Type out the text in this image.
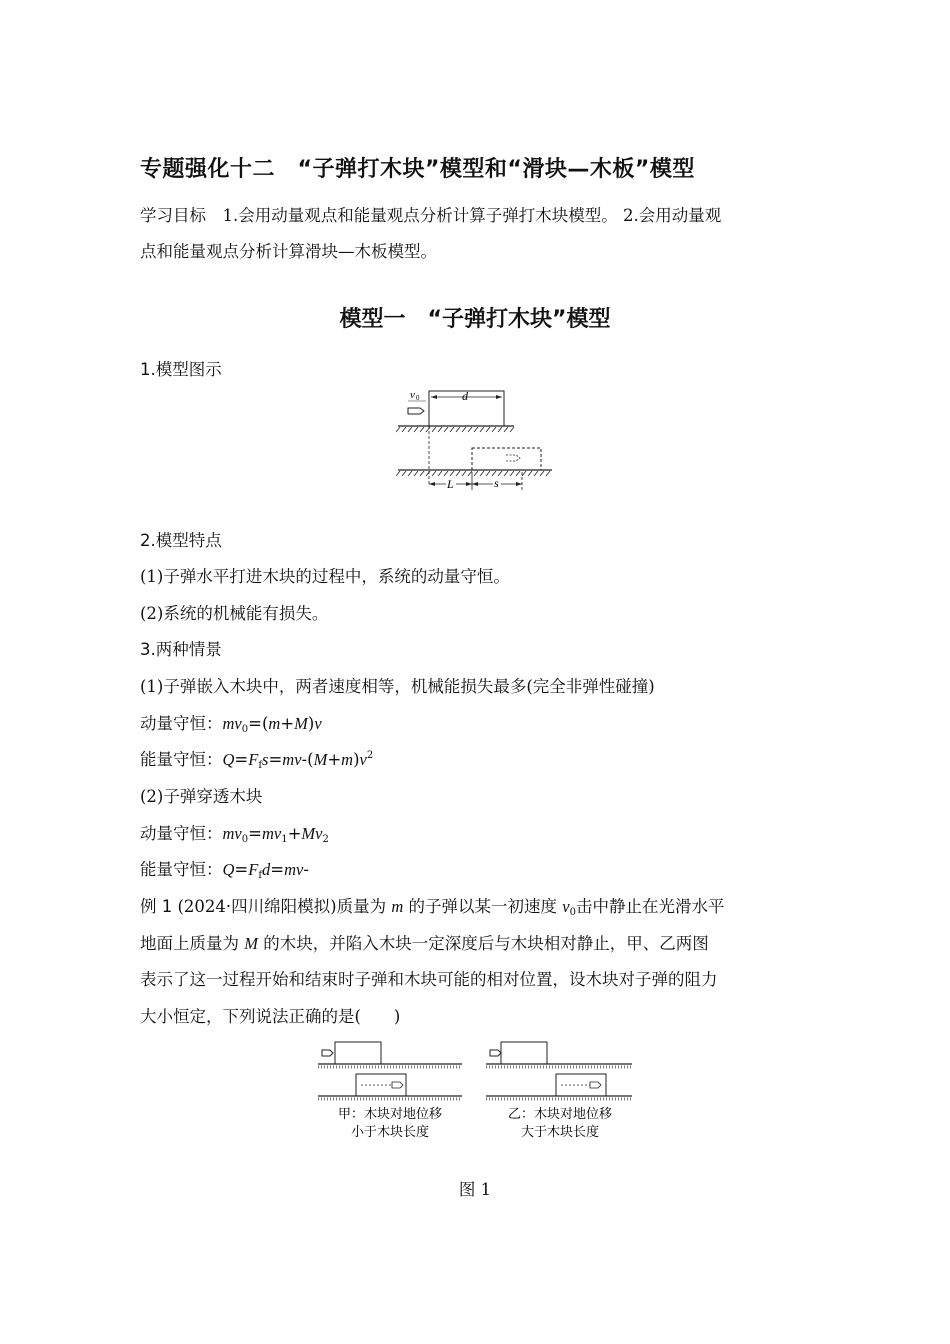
专题强化十二　“子弹打木块”模型和“滑块—木板”模型
学习目标　1.会用动量观点和能量观点分析计算子弹打木块模型。 2.会用动量观
点和能量观点分析计算滑块—木板模型。
模型一　“子弹打木块”模型
1.模型图示
d
v 0
L	s
2.模型特点
(1)子弹水平打进木块的过程中，系统的动量守恒。
(2)系统的机械能有损失。
3.两种情景
(1)子弹嵌入木块中，两者速度相等，机械能损失最多(完全非弹性碰撞)
动量守恒：$mv_0=(m+M)v$
能量守恒：$Q=F_fs=mv-(M+m)v^2$
(2)子弹穿透木块
动量守恒：$mv_0=mv_1+Mv_2$
能量守恒：$Q=F_fd=mv-$
例 1 (2024·四川绵阳模拟)质量为 m 的子弹以某一初速度 $v_0$击中静止在光滑水平
地面上质量为 M 的木块，并陷入木块一定深度后与木块相对静止，甲、乙两图
表示了这一过程开始和结束时子弹和木块可能的相对位置，设木块对子弹的阻力
大小恒定，下列说法正确的是(　　)
甲：木块对地位移
小于木块长度
乙：木块对地位移
大于木块长度
图 1
